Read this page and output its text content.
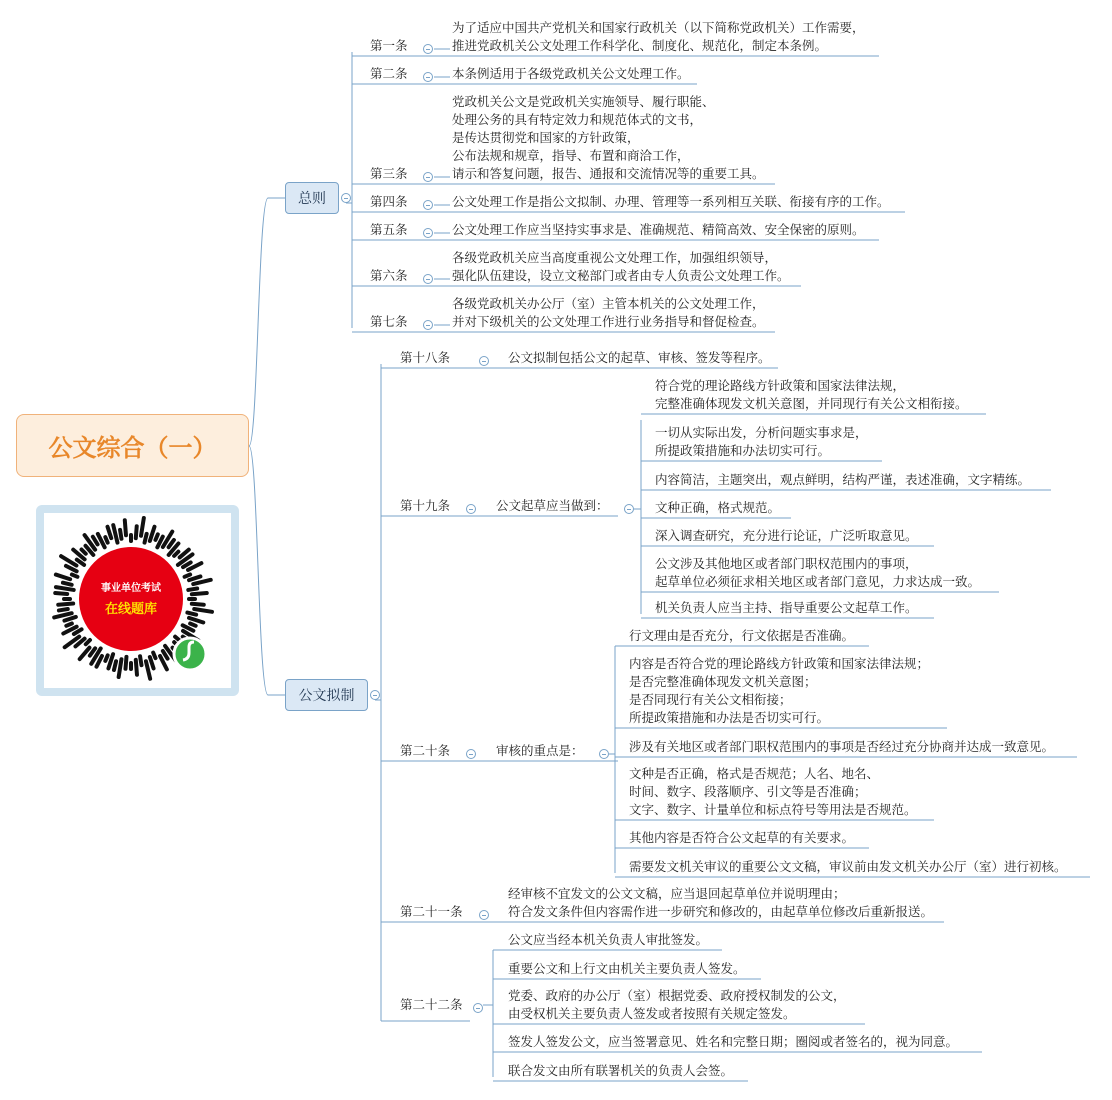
公文综合（一）
事业单位考试
在线题库
总则
公文拟制
第一条
为了适应中国共产党机关和国家行政机关（以下简称党政机关）工作需要，
推进党政机关公文处理工作科学化、制度化、规范化，制定本条例。
第二条	本条例适用于各级党政机关公文处理工作。
第三条
党政机关公文是党政机关实施领导、履行职能、
处理公务的具有特定效力和规范体式的文书，
是传达贯彻党和国家的方针政策，
公布法规和规章，指导、布置和商洽工作，
请示和答复问题，报告、通报和交流情况等的重要工具。
第四条	公文处理工作是指公文拟制、办理、管理等一系列相互关联、衔接有序的工作。
第五条	公文处理工作应当坚持实事求是、准确规范、精简高效、安全保密的原则。
第六条
各级党政机关应当高度重视公文处理工作，加强组织领导，
强化队伍建设，设立文秘部门或者由专人负责公文处理工作。
第七条
各级党政机关办公厅（室）主管本机关的公文处理工作，
并对下级机关的公文处理工作进行业务指导和督促检查。
第十八条	公文拟制包括公文的起草、审核、签发等程序。
第十九条	公文起草应当做到：
第二十条	审核的重点是：
第二十一条
经审核不宜发文的公文文稿，应当退回起草单位并说明理由；
符合发文条件但内容需作进一步研究和修改的，由起草单位修改后重新报送。
第二十二条
符合党的理论路线方针政策和国家法律法规，
完整准确体现发文机关意图，并同现行有关公文相衔接。
一切从实际出发，分析问题实事求是，
所提政策措施和办法切实可行。
内容简洁，主题突出，观点鲜明，结构严谨，表述准确，文字精练。
文种正确，格式规范。
深入调查研究，充分进行论证，广泛听取意见。
公文涉及其他地区或者部门职权范围内的事项，
起草单位必须征求相关地区或者部门意见，力求达成一致。
机关负责人应当主持、指导重要公文起草工作。
行文理由是否充分，行文依据是否准确。
内容是否符合党的理论路线方针政策和国家法律法规；
是否完整准确体现发文机关意图；
是否同现行有关公文相衔接；
所提政策措施和办法是否切实可行。
涉及有关地区或者部门职权范围内的事项是否经过充分协商并达成一致意见。
文种是否正确，格式是否规范；人名、地名、
时间、数字、段落顺序、引文等是否准确；
文字、数字、计量单位和标点符号等用法是否规范。
其他内容是否符合公文起草的有关要求。
需要发文机关审议的重要公文文稿，审议前由发文机关办公厅（室）进行初核。
公文应当经本机关负责人审批签发。
重要公文和上行文由机关主要负责人签发。
党委、政府的办公厅（室）根据党委、政府授权制发的公文，
由受权机关主要负责人签发或者按照有关规定签发。
签发人签发公文，应当签署意见、姓名和完整日期；圈阅或者签名的，视为同意。
联合发文由所有联署机关的负责人会签。
